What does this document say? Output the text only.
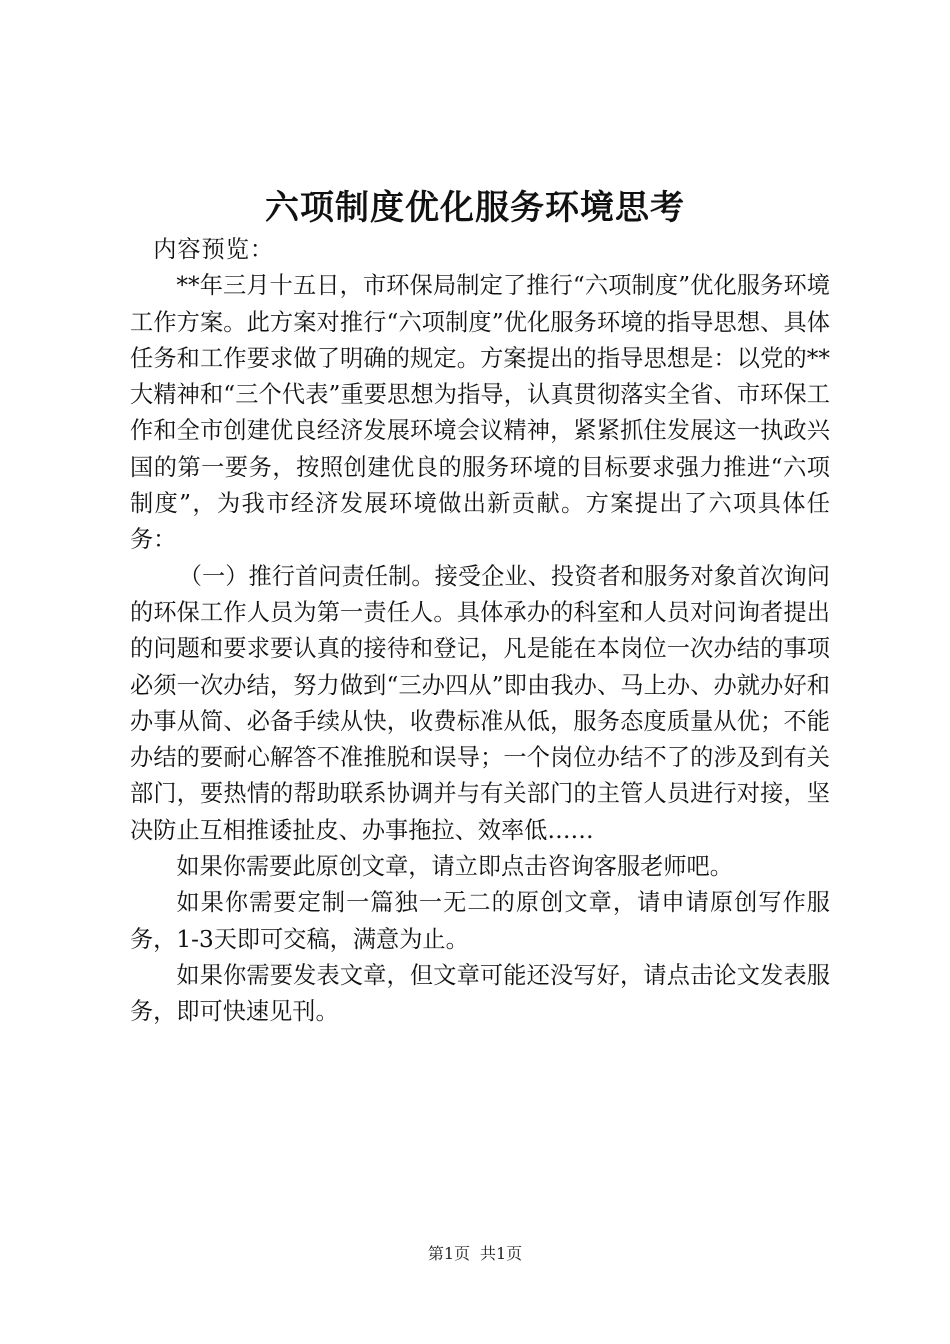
六项制度优化服务环境思考

内容预览：

**年三月十五日，市环保局制定了推行“六项制度”优化服务环境工作方案。此方案对推行“六项制度”优化服务环境的指导思想、具体任务和工作要求做了明确的规定。方案提出的指导思想是：以党的**大精神和“三个代表”重要思想为指导，认真贯彻落实全省、市环保工作和全市创建优良经济发展环境会议精神，紧紧抓住发展这一执政兴国的第一要务，按照创建优良的服务环境的目标要求强力推进“六项制度”，为我市经济发展环境做出新贡献。方案提出了六项具体任务：

（一）推行首问责任制。接受企业、投资者和服务对象首次询问的环保工作人员为第一责任人。具体承办的科室和人员对问询者提出的问题和要求要认真的接待和登记，凡是能在本岗位一次办结的事项必须一次办结，努力做到“三办四从”即由我办、马上办、办就办好和办事从简、必备手续从快，收费标准从低，服务态度质量从优；不能办结的要耐心解答不准推脱和误导；一个岗位办结不了的涉及到有关部门，要热情的帮助联系协调并与有关部门的主管人员进行对接，坚决防止互相推诿扯皮、办事拖拉、效率低……

如果你需要此原创文章，请立即点击咨询客服老师吧。

如果你需要定制一篇独一无二的原创文章，请申请原创写作服务，1-3天即可交稿，满意为止。

如果你需要发表文章，但文章可能还没写好，请点击论文发表服务，即可快速见刊。

第1页 共1页
